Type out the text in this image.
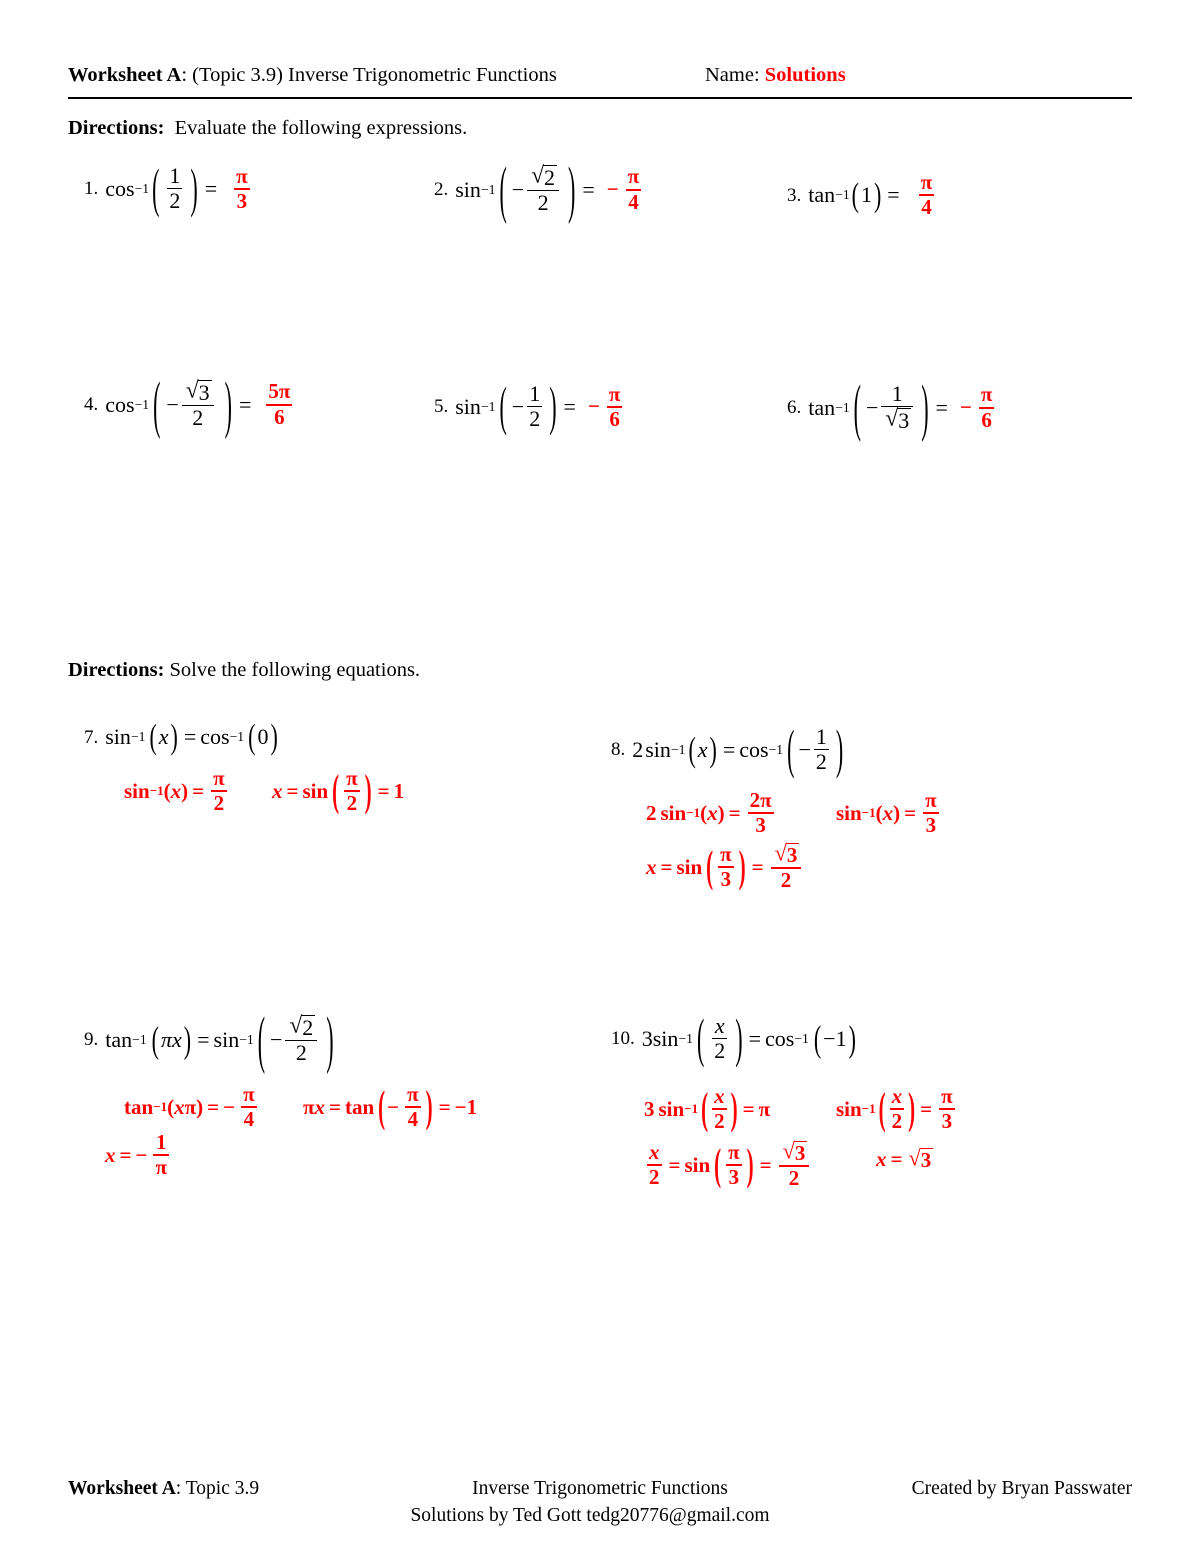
Worksheet A: (Topic 3.9) Inverse Trigonometric Functions	Name: Solutions
Directions: Evaluate the following expressions.
1. cos −1 ( $\frac{1}{2}$ ) = $\frac{\pi}{3}$	2. sin −1 ( − $\frac{√ 2}{2}$ ) = − $\frac{\pi}{4}$	3. tan −1 ( 1 ) = $\frac{\pi}{4}$
4. cos −1 ( − $\frac{√ 3}{2}$ ) = $\frac{5\pi}{6}$	5. sin −1 ( − $\frac{1}{2}$ ) = − $\frac{\pi}{6}$	6. tan −1 ( − $\frac{1}{√ 3}$ ) = − $\frac{\pi}{6}$
Directions: Solve the following equations.
7. sin −1 ( x ) = cos −1 ( 0 )
sin −1 ( x ) = $\frac{\pi}{2}$ x = sin ( $\frac{\pi}{2}$ ) = 1
8. 2 sin −1 ( x ) = cos −1 ( − $\frac{1}{2}$ )
2 sin −1 ( x ) = $\frac{2\pi}{3}$	sin −1 ( x ) = $\frac{\pi}{3}$
x = sin ( $\frac{\pi}{3}$ ) = $\frac{√ 3}{2}$
9. tan −1 ( πx ) = sin −1 ( − $\frac{√ 2}{2}$ )
tan −1 ( x π ) = − $\frac{\pi}{4}$ π x = tan ( − $\frac{\pi}{4}$ ) = −1
x = − $\frac{1}{\pi}$
10. 3 sin −1 ( $\frac{x}{2}$ ) = cos −1 ( −1 )
3 sin −1 ( $\frac{x}{2}$ ) = π	sin −1 ( $\frac{x}{2}$ ) = $\frac{\pi}{3}$
$\frac{x}{2} = \sin$ ( $\frac{\pi}{3}$ ) = $\frac{√ 3}{2}$	x = √ 3
Worksheet A: Topic 3.9	Inverse Trigonometric Functions	Created by Bryan Passwater
Solutions by Ted Gott tedg20776@gmail.com
